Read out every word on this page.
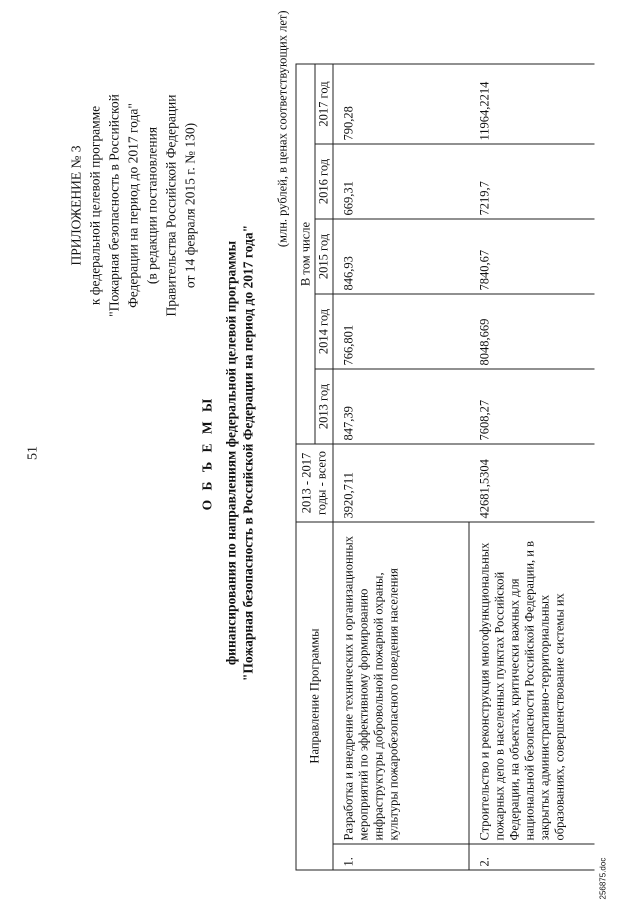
51
ПРИЛОЖЕНИЕ № 3 к федеральной целевой программе "Пожарная безопасность в Российской Федерации на период до 2017 года" (в редакции постановления Правительства Российской Федерации от 14 февраля 2015 г. № 130)
О Б Ъ Е М Ы финансирования по направлениям федеральной целевой программы "Пожарная безопасность в Российской Федерации на период до 2017 года"
(млн. рублей, в ценах соответствующих лет)
Направление Программы		2013 - 2017 годы - всего	В том числе				
			2013 год	2014 год	2015 год	2016 год	2017 год
1.	Разработка и внедрение технических и организационных мероприятий по эффективному формированию инфраструктуры добровольной пожарной охраны, культуры пожаробезопасного поведения населения	3920,711	847,39	766,801	846,93	669,31	790,28
2.	Строительство и реконструкция многофункциональных пожарных депо в населенных пунктах Российской Федерации, на объектах, критически важных для национальной безопасности Российской Федерации, и в закрытых административно-территориальных образованиях, совершенствование системы их	42681,5304	7608,27	8048,669	7840,67	7219,7	11964,2214
256875.doc
